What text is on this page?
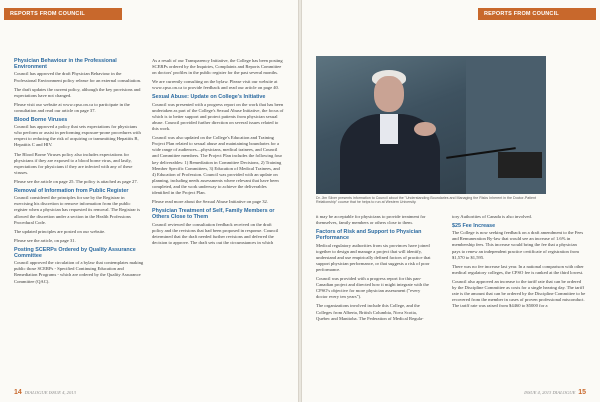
REPORTS FROM COUNCIL
Physician Behaviour in the Professional Environment

Council has approved the draft Physician Behaviour in the Professional Environment policy release for an external consultation.

The draft updates the current policy, although the key provisions and expectations have not changed.

Please visit our website at www.cpso.on.ca to participate in the consultation and read our article on page 37.

Blood Borne Viruses

Council has approved a policy that sets expectations for physicians who perform or assist in performing exposure-prone procedures with respect to reducing the risk of acquiring or transmitting Hepatitis B, Hepatitis C and HIV.

The Blood Borne Viruses policy also includes expectations for physicians if they are exposed to a blood borne virus, and lastly, expectations for physicians if they are infected with any of these viruses.

Please see the article on page 25. The policy is attached as page 27.

Removal of Information from Public Register

Council considered the principles for use by the Registrar in exercising his discretion to remove information from the public register when a physician has requested its removal. The Registrar is allowed the discretion under a section in the Health Professions Procedural Code.

The updated principles are posted on our website.

Please see the article, on page 31.

Posting SCERPs Ordered by Quality Assurance Committee

Council approved the circulation of a bylaw that contemplates making public those SCERPs - Specified Continuing Education and Remediation Programs - which are ordered by the Quality Assurance Committee (QAC).

As a result of our Transparency Initiative, the College has been posting SCERPs ordered by the Inquiries, Complaints and Reports Committee on doctors' profiles in the public register for the past several months.

We are currently consulting on the bylaw. Please visit our website at www.cpso.on.ca to provide feedback and read our article on page 40.

Sexual Abuse: Update on College's Initiative

Council was presented with a progress report on the work that has been undertaken as part of the College's Sexual Abuse Initiative, the focus of which is to better support and protect patients from physician sexual abuse. Council provided further direction on several issues related to this work.

Council was also updated on the College's Education and Training Project Plan related to sexual abuse and maintaining boundaries for a wide range of audiences—physicians, medical trainees, and Council and Committee members. The Project Plan includes the following four key deliverables: 1) Remediation in Committee Decisions, 2) Training Member Specific Committees, 3) Education of Medical Trainees, and 4) Education of Profession. Council was provided with an update on planning, including needs assessments where relevant that have been completed, and the work underway to achieve the deliverables identified in the Project Plan.

Please read more about the Sexual Abuse Initiative on page 32.

Physician Treatment of Self, Family Members or Others Close to Them

Council reviewed the consultation feedback received on the draft policy and the revisions that had been proposed in response. Council determined that the draft needed further revisions and deferred the decision to approve. The draft sets out the circumstances in which

14 DIALOGUE ISSUE 4, 2013
REPORTS FROM COUNCIL
Dr. Jim Silver presents information to Council about the "Understanding Boundaries and Managing the Risks Inherent in the Doctor-Patient Relationship" course that he helps to run at Western University.

it may be acceptable for physicians to provide treatment for themselves, family members or others close to them.

Factors of Risk and Support to Physician Performance

Medical regulatory authorities from six provinces have joined together to design and manage a project that will identify, understand and use empirically defined factors of practice that support physician performance, or that suggests a risk of poor performance.

Council was provided with a progress report for this pan-Canadian project and directed how it might integrate with the CPSO's objective for more physician assessment ("every doctor every ten years").

The organizations involved include this College, and the Colleges from Alberta, British Columbia, Nova Scotia, Quebec and Manitoba. The Federation of Medical Regula-

tory Authorities of Canada is also involved.

$25 Fee Increase

The College is now seeking feedback on a draft amendment to the Fees and Remuneration By-law that would see an increase of 1.6% in membership fees. This increase would bring the fee that a physician pays to renew an independent practice certificate of registration from $1,570 to $1,595.

There was no fee increase last year. In a national comparison with other medical regulatory colleges, the CPSO fee is ranked at the third lowest.

Council also approved an increase to the tariff rate that can be ordered by the Discipline Committee as costs for a single hearing day. The tariff rate is the amount that can be ordered by the Discipline Committee to be recovered from the member in cases of proven professional misconduct. The tariff rate was raised from $4460 to $5000 for a

ISSUE 4, 2013 DIALOGUE 15
